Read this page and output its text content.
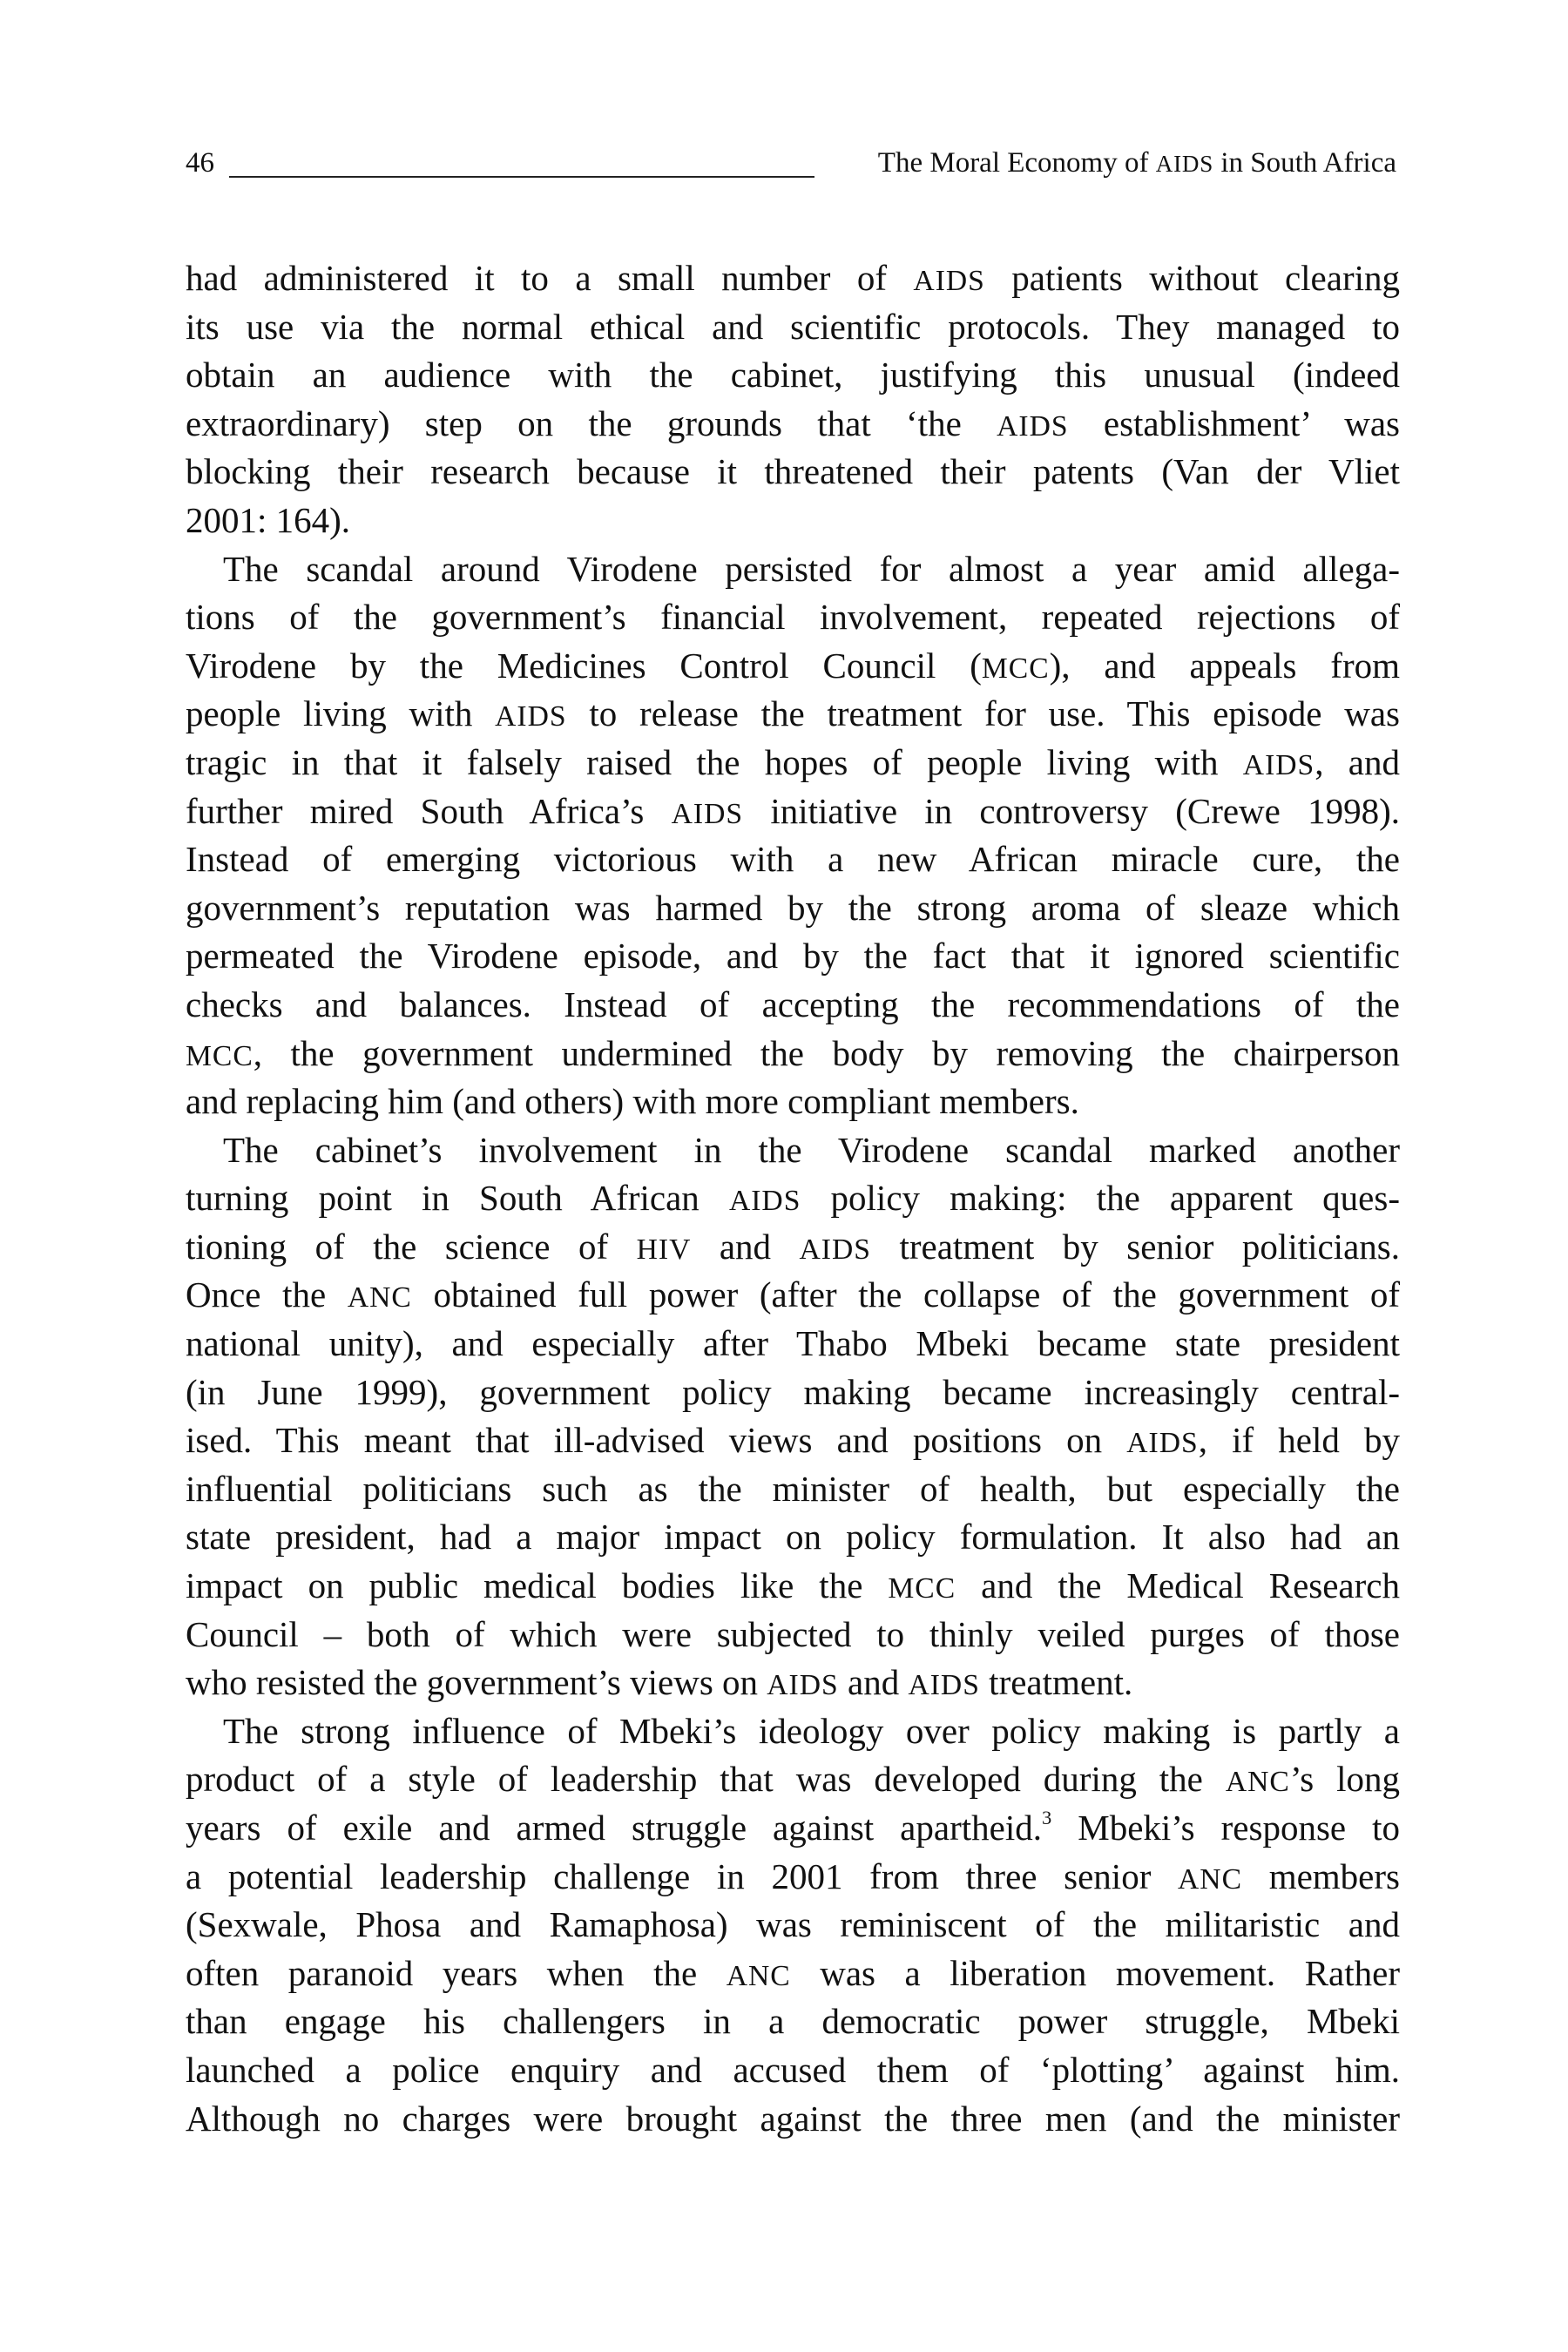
46	The Moral Economy of AIDS in South Africa
had administered it to a small number of AIDS patients without clearing
its use via the normal ethical and scientific protocols. They managed to
obtain an audience with the cabinet, justifying this unusual (indeed
extraordinary) step on the grounds that ‘the AIDS establishment’ was
blocking their research because it threatened their patents (Van der Vliet
2001: 164).
The scandal around Virodene persisted for almost a year amid allega-
tions of the government’s financial involvement, repeated rejections of
Virodene by the Medicines Control Council (MCC), and appeals from
people living with AIDS to release the treatment for use. This episode was
tragic in that it falsely raised the hopes of people living with AIDS, and
further mired South Africa’s AIDS initiative in controversy (Crewe 1998).
Instead of emerging victorious with a new African miracle cure, the
government’s reputation was harmed by the strong aroma of sleaze which
permeated the Virodene episode, and by the fact that it ignored scientific
checks and balances. Instead of accepting the recommendations of the
MCC, the government undermined the body by removing the chairperson
and replacing him (and others) with more compliant members.
The cabinet’s involvement in the Virodene scandal marked another
turning point in South African AIDS policy making: the apparent ques-
tioning of the science of HIV and AIDS treatment by senior politicians.
Once the ANC obtained full power (after the collapse of the government of
national unity), and especially after Thabo Mbeki became state president
(in June 1999), government policy making became increasingly central-
ised. This meant that ill-advised views and positions on AIDS, if held by
influential politicians such as the minister of health, but especially the
state president, had a major impact on policy formulation. It also had an
impact on public medical bodies like the MCC and the Medical Research
Council – both of which were subjected to thinly veiled purges of those
who resisted the government’s views on AIDS and AIDS treatment.
The strong influence of Mbeki’s ideology over policy making is partly a
product of a style of leadership that was developed during the ANC’s long
years of exile and armed struggle against apartheid.$^3$ Mbeki’s response to
a potential leadership challenge in 2001 from three senior ANC members
(Sexwale, Phosa and Ramaphosa) was reminiscent of the militaristic and
often paranoid years when the ANC was a liberation movement. Rather
than engage his challengers in a democratic power struggle, Mbeki
launched a police enquiry and accused them of ‘plotting’ against him.
Although no charges were brought against the three men (and the minister
